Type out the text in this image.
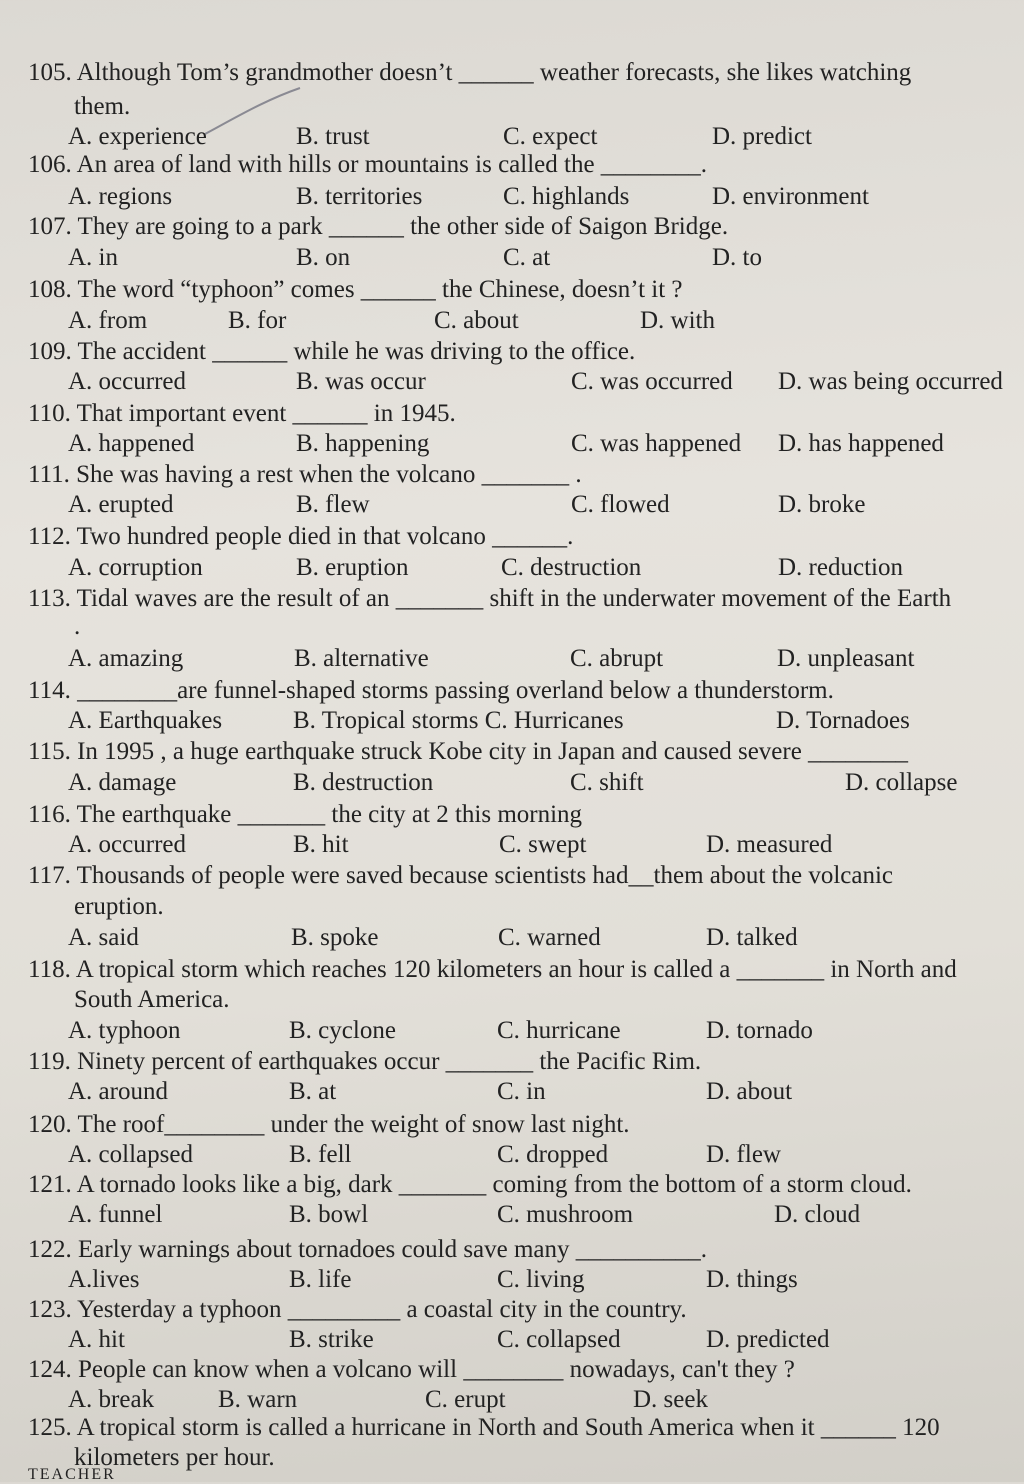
105. Although Tom’s grandmother doesn’t ______ weather forecasts, she likes watching
them.
A. experience	B. trust	C. expect	D. predict
106. An area of land with hills or mountains is called the ________.
A. regions	B. territories	C. highlands	D. environment
107. They are going to a park ______ the other side of Saigon Bridge.
A. in	B. on	C. at	D. to
108. The word “typhoon” comes ______ the Chinese, doesn’t it ?
A. from	B. for	C. about	D. with
109. The accident ______ while he was driving to the office.
A. occurred	B. was occur	C. was occurred D. was being occurred
110. That important event ______ in 1945.
A. happened	B. happening	C. was happened D. has happened
111. She was having a rest when the volcano _______ .
A. erupted	B. flew	C. flowed	D. broke
112. Two hundred people died in that volcano ______.
A. corruption	B. eruption	C. destruction	D. reduction
113. Tidal waves are the result of an _______ shift in the underwater movement of the Earth
.
A. amazing	B. alternative	C. abrupt	D. unpleasant
114. ________are funnel-shaped storms passing overland below a thunderstorm.
A. Earthquakes	B. Tropical storms C. Hurricanes	D. Tornadoes
115. In 1995 , a huge earthquake struck Kobe city in Japan and caused severe ________
A. damage	B. destruction	C. shift	D. collapse
116. The earthquake _______ the city at 2 this morning
A. occurred	B. hit	C. swept	D. measured
117. Thousands of people were saved because scientists had__them about the volcanic
eruption.
A. said	B. spoke	C. warned	D. talked
118. A tropical storm which reaches 120 kilometers an hour is called a _______ in North and
South America.
A. typhoon	B. cyclone	C. hurricane	D. tornado
119. Ninety percent of earthquakes occur _______ the Pacific Rim.
A. around	B. at	C. in	D. about
120. The roof________ under the weight of snow last night.
A. collapsed	B. fell	C. dropped	D. flew
121. A tornado looks like a big, dark _______ coming from the bottom of a storm cloud.
A. funnel	B. bowl	C. mushroom	D. cloud
122. Early warnings about tornadoes could save many __________.
A.lives	B. life	C. living	D. things
123. Yesterday a typhoon _________ a coastal city in the country.
A. hit	B. strike	C. collapsed	D. predicted
124. People can know when a volcano will ________ nowadays, can't they ?
A. break	B. warn	C. erupt	D. seek
125. A tropical storm is called a hurricane in North and South America when it ______ 120
kilometers per hour.
TEACHER
